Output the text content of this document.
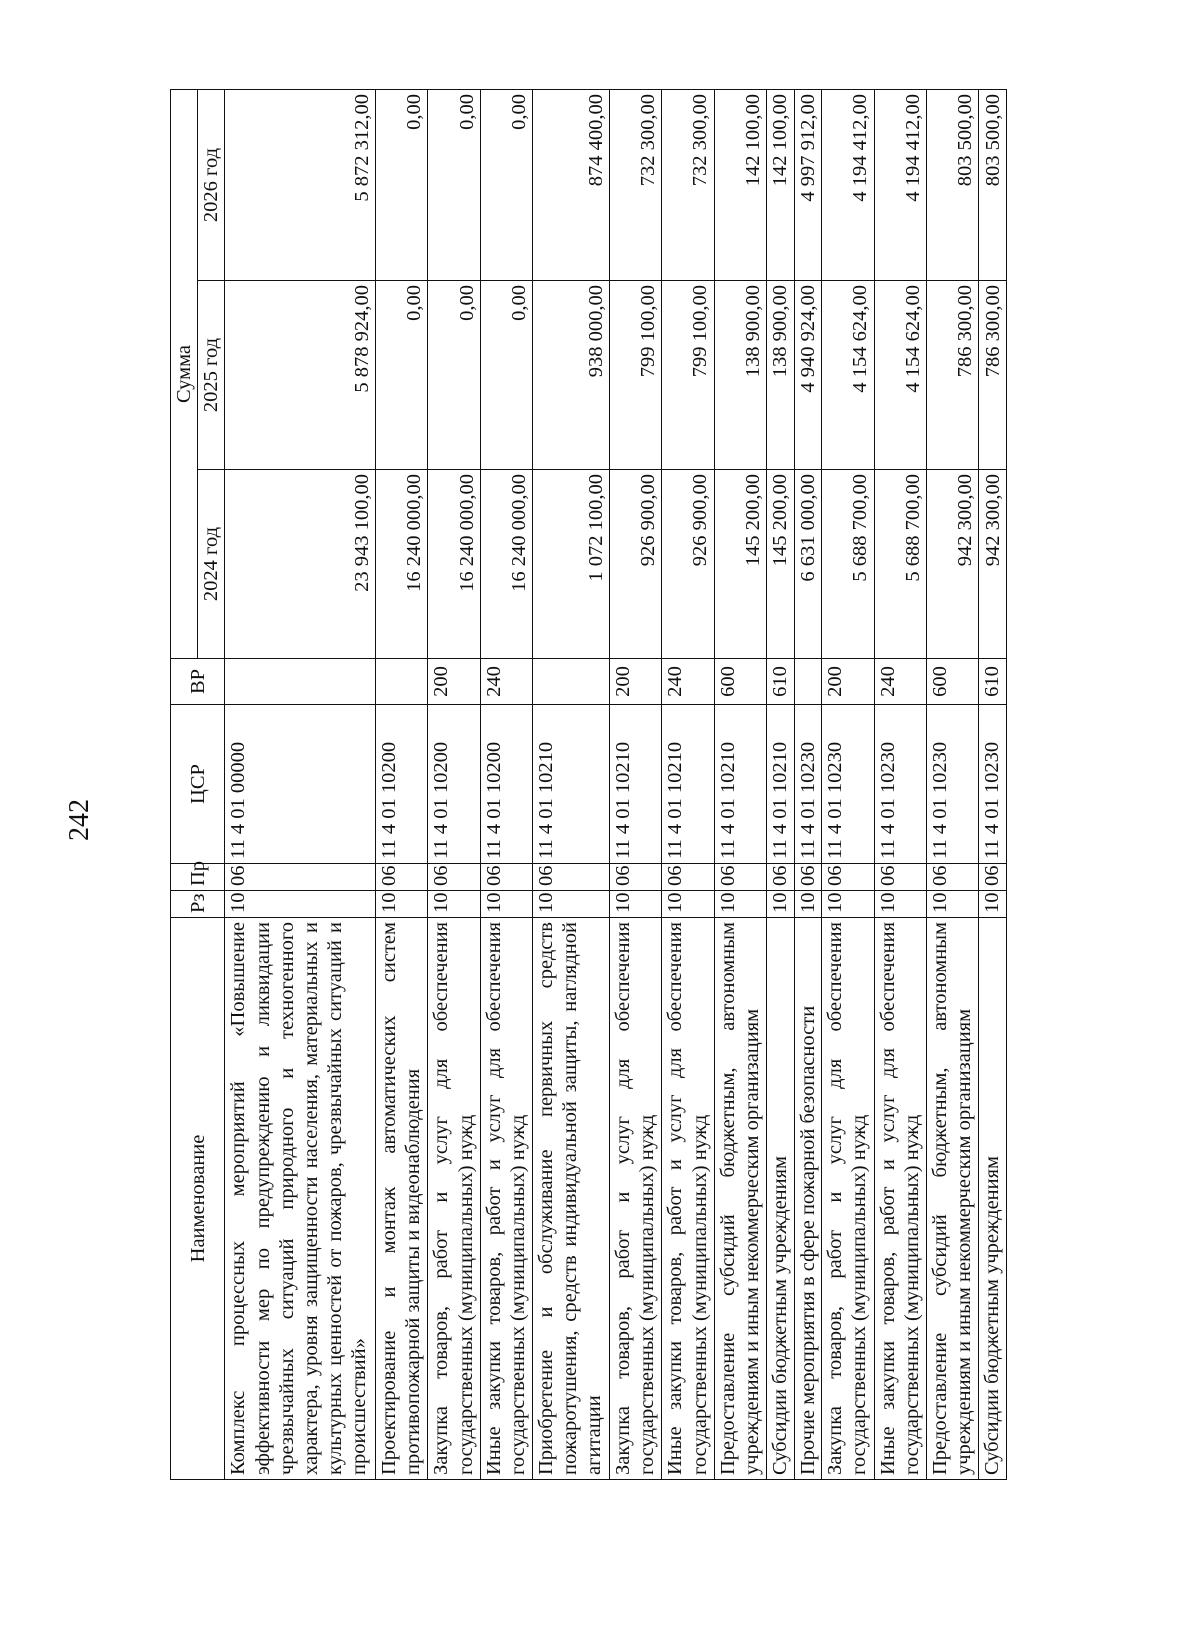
242
Наименование	Рз	Пр	ЦСР	ВР	Сумма		
					2024 год	2025 год	2026 год
Комплекс процессных мероприятий «Повышение эффективности мер по предупреждению и ликвидации чрезвычайных ситуаций природного и техногенного характера, уровня защищенности населения, материальных и культурных ценностей от пожаров, чрезвычайных ситуаций и происшествий»	10	06	11 4 01 00000		23 943 100,00	5 878 924,00	5 872 312,00
Проектирование и монтаж автоматических систем противопожарной защиты и видеонаблюдения	10	06	11 4 01 10200		16 240 000,00	0,00	0,00
Закупка товаров, работ и услуг для обеспечения государственных (муниципальных) нужд	10	06	11 4 01 10200	200	16 240 000,00	0,00	0,00
Иные закупки товаров, работ и услуг для обеспечения государственных (муниципальных) нужд	10	06	11 4 01 10200	240	16 240 000,00	0,00	0,00
Приобретение и обслуживание первичных средств пожаротушения, средств индивидуальной защиты, наглядной агитации	10	06	11 4 01 10210		1 072 100,00	938 000,00	874 400,00
Закупка товаров, работ и услуг для обеспечения государственных (муниципальных) нужд	10	06	11 4 01 10210	200	926 900,00	799 100,00	732 300,00
Иные закупки товаров, работ и услуг для обеспечения государственных (муниципальных) нужд	10	06	11 4 01 10210	240	926 900,00	799 100,00	732 300,00
Предоставление субсидий бюджетным, автономным учреждениям и иным некоммерческим организациям	10	06	11 4 01 10210	600	145 200,00	138 900,00	142 100,00
Субсидии бюджетным учреждениям	10	06	11 4 01 10210	610	145 200,00	138 900,00	142 100,00
Прочие мероприятия в сфере пожарной безопасности	10	06	11 4 01 10230		6 631 000,00	4 940 924,00	4 997 912,00
Закупка товаров, работ и услуг для обеспечения государственных (муниципальных) нужд	10	06	11 4 01 10230	200	5 688 700,00	4 154 624,00	4 194 412,00
Иные закупки товаров, работ и услуг для обеспечения государственных (муниципальных) нужд	10	06	11 4 01 10230	240	5 688 700,00	4 154 624,00	4 194 412,00
Предоставление субсидий бюджетным, автономным учреждениям и иным некоммерческим организациям	10	06	11 4 01 10230	600	942 300,00	786 300,00	803 500,00
Субсидии бюджетным учреждениям	10	06	11 4 01 10230	610	942 300,00	786 300,00	803 500,00
